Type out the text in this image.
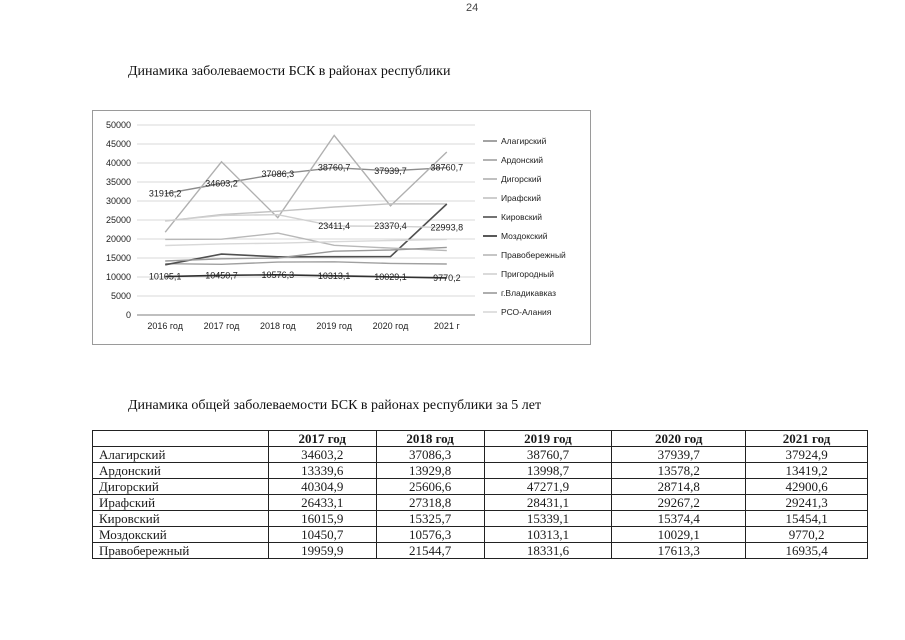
24
Динамика заболеваемости БСК в районах республики
0
5000
10000
15000
20000
25000
30000
35000
40000
45000
50000
2016 год 2017 год 2018 год 2019 год 2020 год	2021 г
31916,2
34603,2
37086,3
38760,7	37939,7	38760,7
10105,1	10450,7	10576,3	10313,1	10029,1	9770,2
23411,4	23370,4	22993,8
Алагирский
Ардонский
Дигорский
Ирафский
Кировский
Моздокский
Правобережный
Пригородный
г.Владикавказ
РСО-Алания
Динамика общей заболеваемости БСК в районах республики за 5 лет
	2017 год	2018 год	2019 год	2020 год	2021 год
Алагирский	34603,2	37086,3	38760,7	37939,7	37924,9
Ардонский	13339,6	13929,8	13998,7	13578,2	13419,2
Дигорский	40304,9	25606,6	47271,9	28714,8	42900,6
Ирафский	26433,1	27318,8	28431,1	29267,2	29241,3
Кировский	16015,9	15325,7	15339,1	15374,4	15454,1
Моздокский	10450,7	10576,3	10313,1	10029,1	9770,2
Правобережный	19959,9	21544,7	18331,6	17613,3	16935,4
